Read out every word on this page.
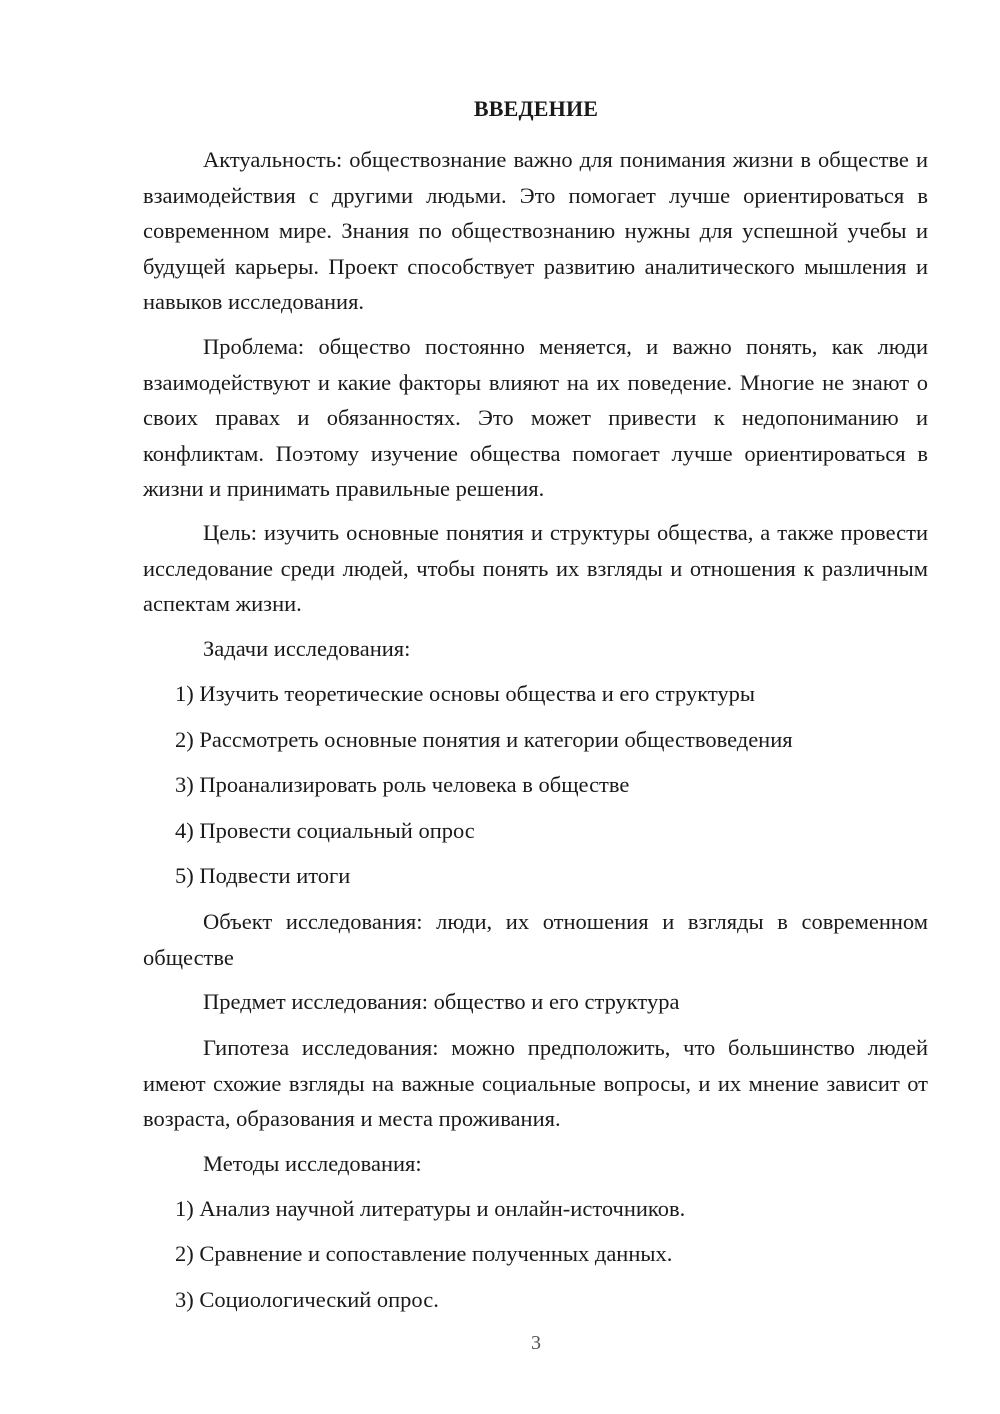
ВВЕДЕНИЕ

Актуальность: обществознание важно для понимания жизни в обществе и взаимодействия с другими людьми. Это помогает лучше ориентироваться в современном мире. Знания по обществознанию нужны для успешной учебы и будущей карьеры. Проект способствует развитию аналитического мышления и навыков исследования.

Проблема: общество постоянно меняется, и важно понять, как люди взаимодействуют и какие факторы влияют на их поведение. Многие не знают о своих правах и обязанностях. Это может привести к недопониманию и конфликтам. Поэтому изучение общества помогает лучше ориентироваться в жизни и принимать правильные решения.

Цель: изучить основные понятия и структуры общества, а также провести исследование среди людей, чтобы понять их взгляды и отношения к различным аспектам жизни.

Задачи исследования:
1) Изучить теоретические основы общества и его структуры
2) Рассмотреть основные понятия и категории обществоведения
3) Проанализировать роль человека в обществе
4) Провести социальный опрос
5) Подвести итоги

Объект исследования: люди, их отношения и взгляды в современном обществе

Предмет исследования: общество и его структура

Гипотеза исследования: можно предположить, что большинство людей имеют схожие взгляды на важные социальные вопросы, и их мнение зависит от возраста, образования и места проживания.

Методы исследования:
1) Анализ научной литературы и онлайн-источников.
2) Сравнение и сопоставление полученных данных.
3) Социологический опрос.
3
